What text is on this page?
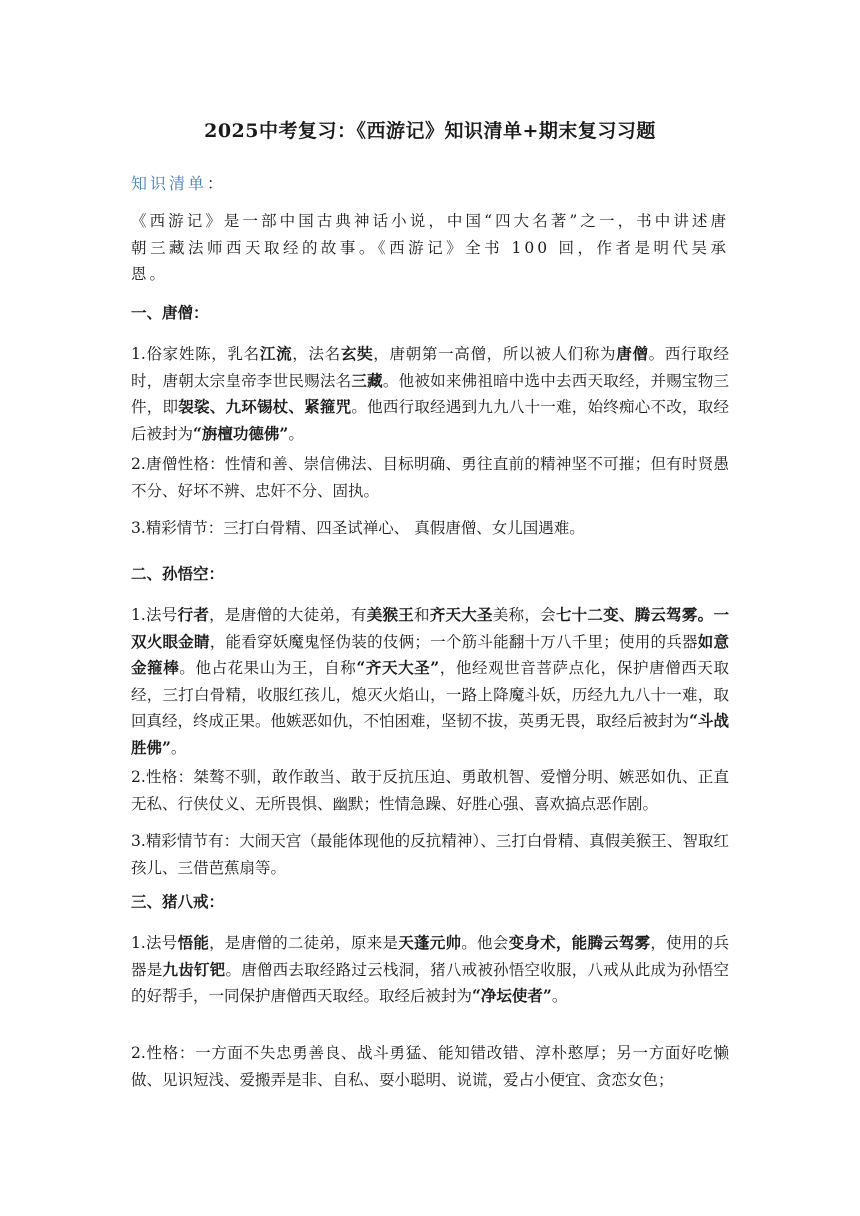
2025中考复习：《西游记》知识清单+期末复习习题
知识清单：
《西游记》是一部中国古典神话小说，中国“四大名著”之一，书中讲述唐朝三藏法师西天取经的故事。《西游记》全书 100 回，作者是明代吴承恩。
一、唐僧：
1.俗家姓陈，乳名江流，法名玄奘，唐朝第一高僧，所以被人们称为唐僧。西行取经时，唐朝太宗皇帝李世民赐法名三藏。他被如来佛祖暗中选中去西天取经，并赐宝物三件，即袈裟、九环锡杖、紧箍咒。他西行取经遇到九九八十一难，始终痴心不改，取经后被封为“旃檀功德佛”。
2.唐僧性格：性情和善、崇信佛法、目标明确、勇往直前的精神坚不可摧；但有时贤愚不分、好坏不辨、忠奸不分、固执。
3.精彩情节：三打白骨精、四圣试禅心、 真假唐僧、女儿国遇难。
二、孙悟空：
1.法号行者，是唐僧的大徒弟，有美猴王和齐天大圣美称，会七十二变、腾云驾雾。一双火眼金睛，能看穿妖魔鬼怪伪装的伎俩；一个筋斗能翻十万八千里；使用的兵器如意金箍棒。他占花果山为王，自称“齐天大圣”，他经观世音菩萨点化，保护唐僧西天取经，三打白骨精，收服红孩儿，熄灭火焰山，一路上降魔斗妖，历经九九八十一难，取回真经，终成正果。他嫉恶如仇，不怕困难，坚韧不拔，英勇无畏，取经后被封为“斗战胜佛”。
2.性格：桀骜不驯，敢作敢当、敢于反抗压迫、勇敢机智、爱憎分明、嫉恶如仇、正直无私、行侠仗义、无所畏惧、幽默；性情急躁、好胜心强、喜欢搞点恶作剧。
3.精彩情节有：大闹天宫（最能体现他的反抗精神）、三打白骨精、真假美猴王、智取红孩儿、三借芭蕉扇等。
三、猪八戒：
1.法号悟能，是唐僧的二徒弟，原来是天蓬元帅。他会变身术，能腾云驾雾，使用的兵器是九齿钉钯。唐僧西去取经路过云栈洞，猪八戒被孙悟空收服，八戒从此成为孙悟空的好帮手，一同保护唐僧西天取经。取经后被封为“净坛使者”。
2.性格：一方面不失忠勇善良、战斗勇猛、能知错改错、淳朴憨厚；另一方面好吃懒做、见识短浅、爱搬弄是非、自私、耍小聪明、说谎，爱占小便宜、贪恋女色；
